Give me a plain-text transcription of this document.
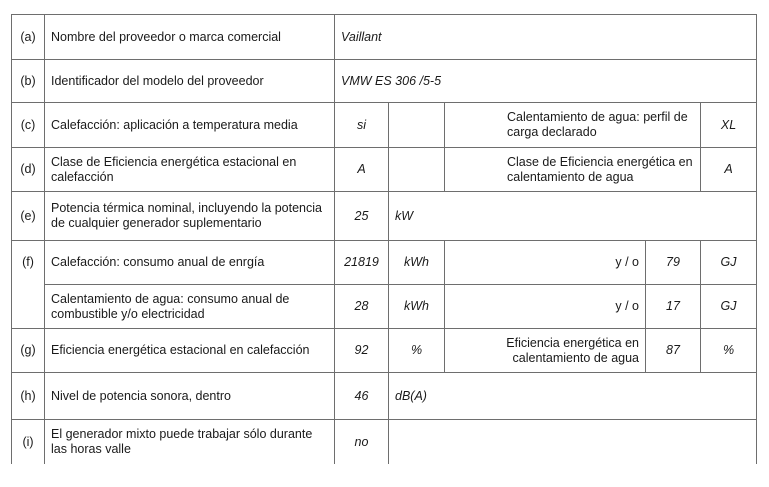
(a)	Nombre del proveedor o marca comercial	Vaillant				
(b)	Identificador del modelo del proveedor	VMW ES 306 /5-5				
(c)	Calefacción: aplicación a temperatura media	si		Calentamiento de agua: perfil de carga declarado		XL
(d)	Clase de Eficiencia energética estacional en calefacción	A		Clase de Eficiencia energética en calentamiento de agua		A
(e)	Potencia térmica nominal, incluyendo la potencia de cualquier generador suplementario	25	kW			
(f)	Calefacción: consumo anual de enrgía	21819	kWh	y / o	79	GJ
	Calentamiento de agua: consumo anual de combustible y/o electricidad	28	kWh	y / o	17	GJ
(g)	Eficiencia energética estacional en calefacción	92	%	Eficiencia energética en calentamiento de agua	87	%
(h)	Nivel de potencia sonora, dentro	46	dB(A)			
(i)	El generador mixto puede trabajar sólo durante las horas valle	no				
